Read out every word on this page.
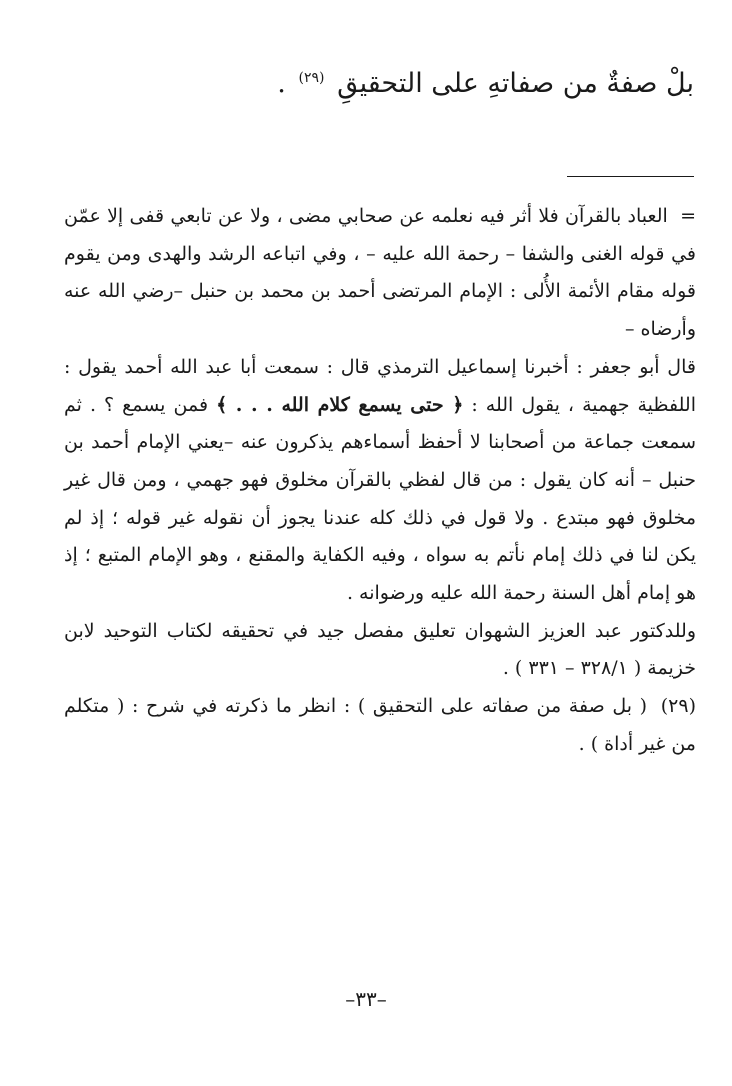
بلْ صفةٌ من صفاتهِ على التحقيقِ $^{(٢٩)}$ .

= العباد بالقرآن فلا أثر فيه نعلمه عن صحابي مضى ، ولا عن تابعي قفى إلا عمّن في قوله الغنى والشفا – رحمة الله عليه – ، وفي اتباعه الرشد والهدى ومن يقوم قوله مقام الأئمة الأُلى : الإمام المرتضى أحمد بن محمد بن حنبل –رضي الله عنه وأرضاه –

قال أبو جعفر : أخبرنا إسماعيل الترمذي قال : سمعت أبا عبد الله أحمد يقول : اللفظية جهمية ، يقول الله : ﴿ حتى يسمع كلام الله . . . ﴾ فمن يسمع ؟ . ثم سمعت جماعة من أصحابنا لا أحفظ أسماءهم يذكرون عنه –يعني الإمام أحمد بن حنبل – أنه كان يقول : من قال لفظي بالقرآن مخلوق فهو جهمي ، ومن قال غير مخلوق فهو مبتدع . ولا قول في ذلك كله عندنا يجوز أن نقوله غير قوله ؛ إذ لم يكن لنا في ذلك إمام نأتم به سواه ، وفيه الكفاية والمقنع ، وهو الإمام المتبع ؛ إذ هو إمام أهل السنة رحمة الله عليه ورضوانه .

وللدكتور عبد العزيز الشهوان تعليق مفصل جيد في تحقيقه لكتاب التوحيد لابن خزيمة ( ٣٢٨/١ – ٣٣١ ) .

(٢٩) ( بل صفة من صفاته على التحقيق ) : انظر ما ذكرته في شرح : ( متكلم من غير أداة ) .

–٣٣–
